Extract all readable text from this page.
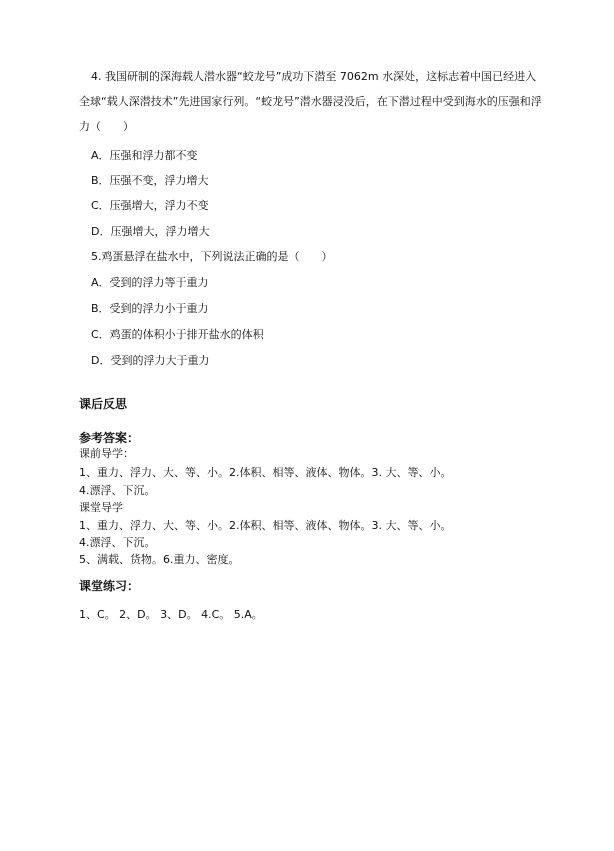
4. 我国研制的深海载人潜水器“蛟龙号”成功下潜至 7062m 水深处，这标志着中国已经进入全球“载人深潜技术”先进国家行列。“蛟龙号”潜水器浸没后，在下潜过程中受到海水的压强和浮力（　　）
A．压强和浮力都不变
B．压强不变，浮力增大
C．压强增大，浮力不变
D．压强增大，浮力增大
5.鸡蛋悬浮在盐水中，下列说法正确的是（　　）
A．受到的浮力等于重力
B．受到的浮力小于重力
C．鸡蛋的体积小于排开盐水的体积
D．受到的浮力大于重力
课后反思
参考答案：
课前导学：
1、重力、浮力、大、等、小。2.体积、相等、液体、物体。3. 大、等、小。
4.漂浮、下沉。
课堂导学
1、重力、浮力、大、等、小。2.体积、相等、液体、物体。3. 大、等、小。
4.漂浮、下沉。
5、满载、货物。6.重力、密度。
课堂练习：
1、C。 2、D。 3、D。 4.C。 5.A。
